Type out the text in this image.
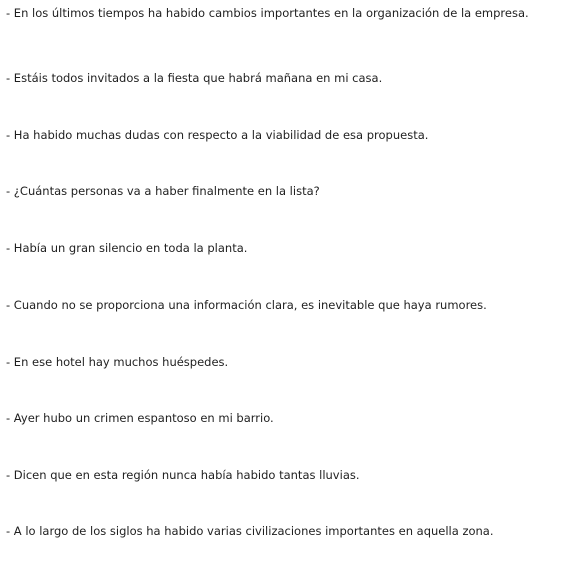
- En los últimos tiempos ha habido cambios importantes en la organización de la empresa.

- Estáis todos invitados a la fiesta que habrá mañana en mi casa.

- Ha habido muchas dudas con respecto a la viabilidad de esa propuesta.

- ¿Cuántas personas va a haber finalmente en la lista?

- Había un gran silencio en toda la planta.

- Cuando no se proporciona una información clara, es inevitable que haya rumores.

- En ese hotel hay muchos huéspedes.

- Ayer hubo un crimen espantoso en mi barrio.

- Dicen que en esta región nunca había habido tantas lluvias.

- A lo largo de los siglos ha habido varias civilizaciones importantes en aquella zona.
